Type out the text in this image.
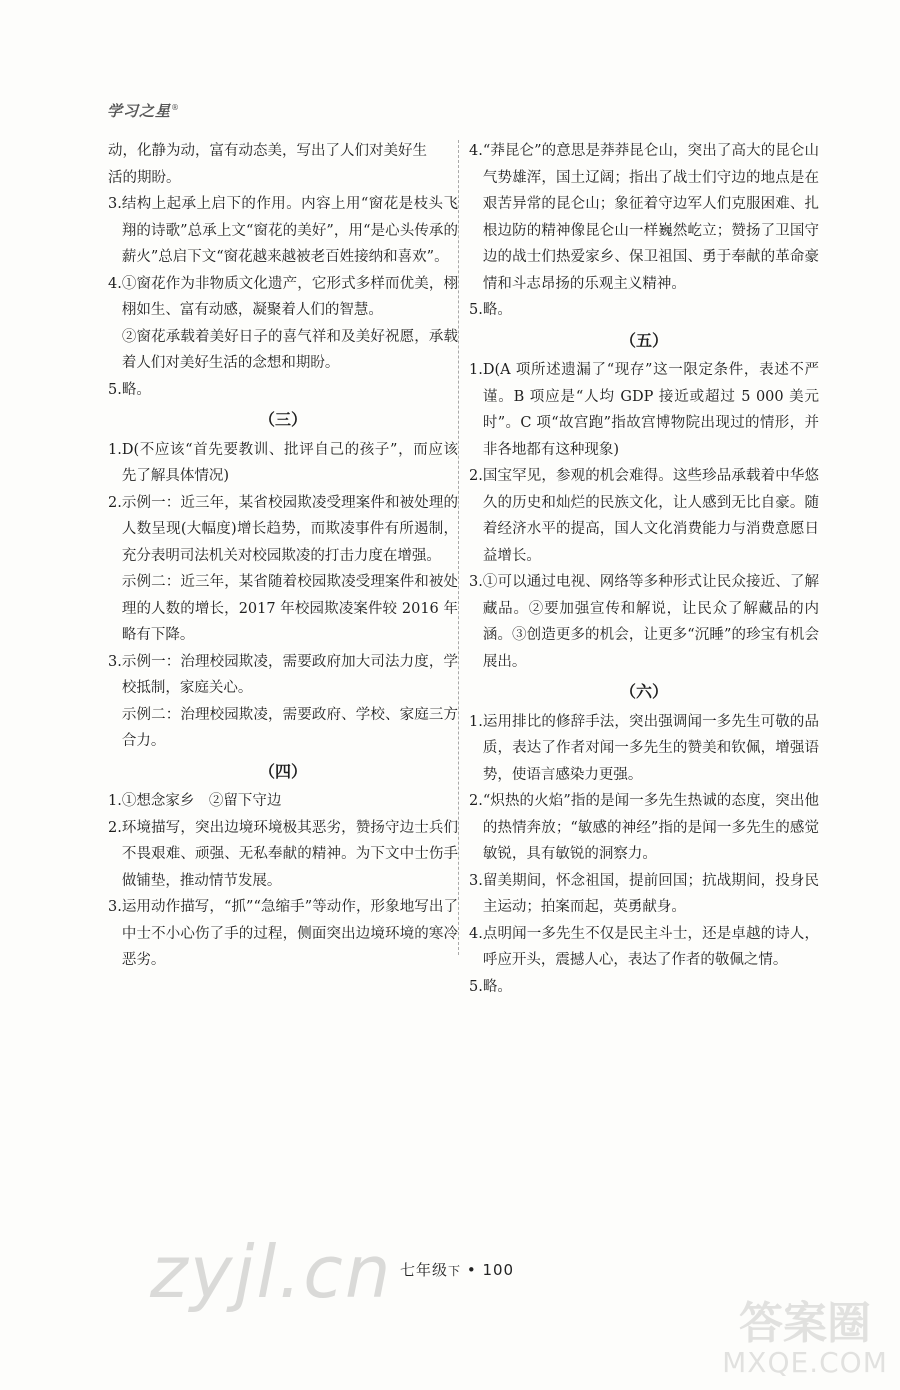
学习之星®
动，化静为动，富有动态美，写出了人们对美好生
活的期盼。
3. 结构上起承上启下的作用。内容上用“窗花是枝头飞翔的诗歌”总承上文“窗花的美好”，用“是心头传承的薪火”总启下文“窗花越来越被老百姓接纳和喜欢”。
4. ①窗花作为非物质文化遗产，它形式多样而优美，栩栩如生、富有动感，凝聚着人们的智慧。
②窗花承载着美好日子的喜气祥和及美好祝愿，承载着人们对美好生活的念想和期盼。
5. 略。
（三）
1. D(不应该“首先要教训、批评自己的孩子”，而应该先了解具体情况)
2. 示例一：近三年，某省校园欺凌受理案件和被处理的人数呈现(大幅度)增长趋势，而欺凌事件有所遏制，充分表明司法机关对校园欺凌的打击力度在增强。
示例二：近三年，某省随着校园欺凌受理案件和被处理的人数的增长，2017 年校园欺凌案件较 2016 年略有下降。
3. 示例一：治理校园欺凌，需要政府加大司法力度，学校抵制，家庭关心。
示例二：治理校园欺凌，需要政府、学校、家庭三方合力。
（四）
1. ①想念家乡　②留下守边
2. 环境描写，突出边境环境极其恶劣，赞扬守边士兵们不畏艰难、顽强、无私奉献的精神。为下文中士伤手做铺垫，推动情节发展。
3. 运用动作描写，“抓”“急缩手”等动作，形象地写出了中士不小心伤了手的过程，侧面突出边境环境的寒冷恶劣。
4. “莽昆仑”的意思是莽莽昆仑山，突出了高大的昆仑山气势雄浑，国土辽阔；指出了战士们守边的地点是在艰苦异常的昆仑山；象征着守边军人们克服困难、扎根边防的精神像昆仑山一样巍然屹立；赞扬了卫国守边的战士们热爱家乡、保卫祖国、勇于奉献的革命豪情和斗志昂扬的乐观主义精神。
5. 略。
（五）
1. D(A 项所述遗漏了“现存”这一限定条件，表述不严谨。B 项应是“人均 GDP 接近或超过 5 000 美元时”。C 项“故宫跑”指故宫博物院出现过的情形，并非各地都有这种现象)
2. 国宝罕见，参观的机会难得。这些珍品承载着中华悠久的历史和灿烂的民族文化，让人感到无比自豪。随着经济水平的提高，国人文化消费能力与消费意愿日益增长。
3. ①可以通过电视、网络等多种形式让民众接近、了解藏品。②要加强宣传和解说，让民众了解藏品的内涵。③创造更多的机会，让更多“沉睡”的珍宝有机会展出。
（六）
1. 运用排比的修辞手法，突出强调闻一多先生可敬的品质，表达了作者对闻一多先生的赞美和钦佩，增强语势，使语言感染力更强。
2. “炽热的火焰”指的是闻一多先生热诚的态度，突出他的热情奔放；“敏感的神经”指的是闻一多先生的感觉敏锐，具有敏锐的洞察力。
3. 留美期间，怀念祖国，提前回国；抗战期间，投身民主运动；拍案而起，英勇献身。
4. 点明闻一多先生不仅是民主斗士，还是卓越的诗人，呼应开头，震撼人心，表达了作者的敬佩之情。
5. 略。
zyjl.cn 七年级下 • 100
答案圈
MXQE.COM
